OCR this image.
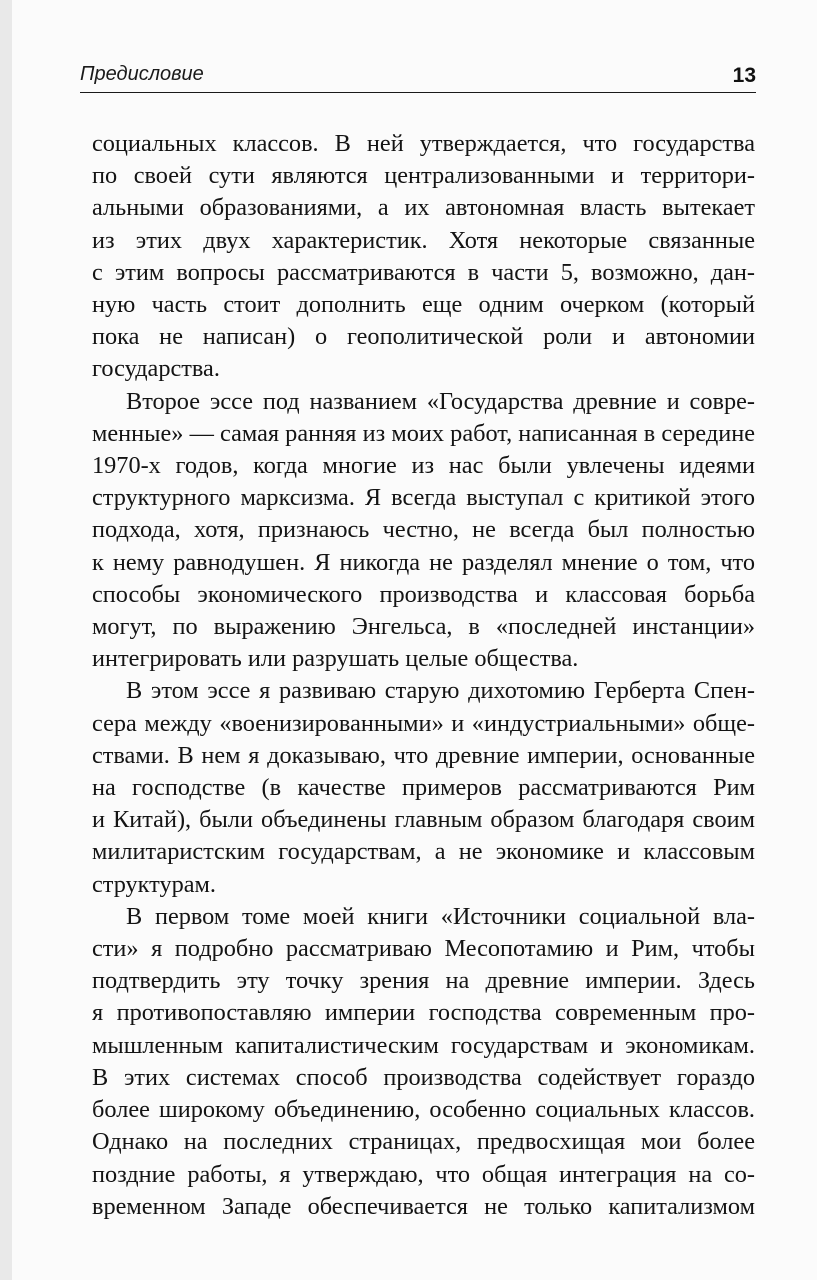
Предисловие	13
социальных классов. В ней утверждается, что государства
по своей сути являются централизованными и территори-
альными образованиями, а их автономная власть вытекает
из этих двух характеристик. Хотя некоторые связанные
с этим вопросы рассматриваются в части 5, возможно, дан-
ную часть стоит дополнить еще одним очерком (который
пока не написан) о геополитической роли и автономии
государства.
Второе эссе под названием «Государства древние и совре-
менные» — самая ранняя из моих работ, написанная в середине
1970-х годов, когда многие из нас были увлечены идеями
структурного марксизма. Я всегда выступал с критикой этого
подхода, хотя, признаюсь честно, не всегда был полностью
к нему равнодушен. Я никогда не разделял мнение о том, что
способы экономического производства и классовая борьба
могут, по выражению Энгельса, в «последней инстанции»
интегрировать или разрушать целые общества.
В этом эссе я развиваю старую дихотомию Герберта Спен-
сера между «военизированными» и «индустриальными» обще-
ствами. В нем я доказываю, что древние империи, основанные
на господстве (в качестве примеров рассматриваются Рим
и Китай), были объединены главным образом благодаря своим
милитаристским государствам, а не экономике и классовым
структурам.
В первом томе моей книги «Источники социальной вла-
сти» я подробно рассматриваю Месопотамию и Рим, чтобы
подтвердить эту точку зрения на древние империи. Здесь
я противопоставляю империи господства современным про-
мышленным капиталистическим государствам и экономикам.
В этих системах способ производства содействует гораздо
более широкому объединению, особенно социальных классов.
Однако на последних страницах, предвосхищая мои более
поздние работы, я утверждаю, что общая интеграция на со-
временном Западе обеспечивается не только капитализмом
